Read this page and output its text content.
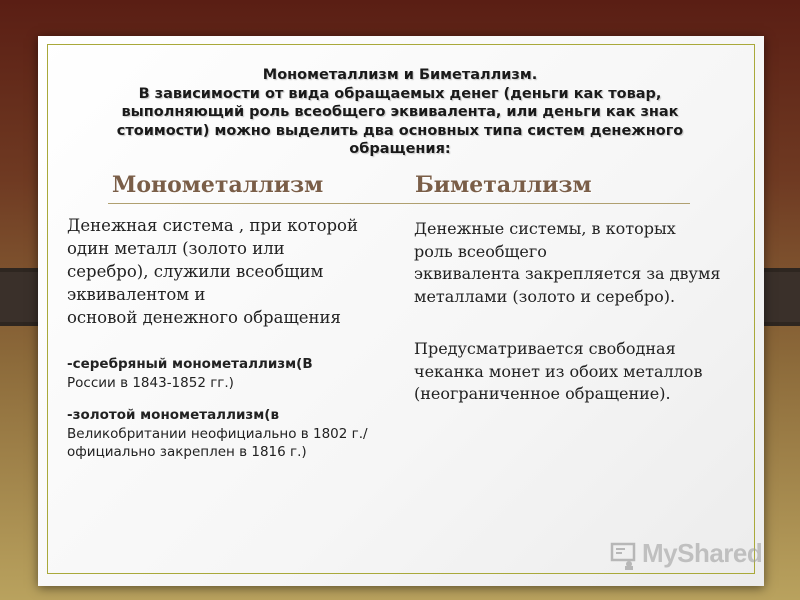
Монометаллизм и Биметаллизм.
В зависимости от вида обращаемых денег (деньги как товар, выполняющий роль всеобщего эквивалента, или деньги как знак стоимости) можно выделить два основных типа систем денежного обращения:
Монометаллизм	Биметаллизм
Денежная система , при которой
один металл (золото или
серебро), служили всеобщим
эквивалентом и
основой денежного обращения
-серебряный монометаллизм(В
России в 1843-1852 гг.)
-золотой монометаллизм(в
Великобритании неофициально в 1802 г./официально закреплен в 1816 г.)
Денежные системы, в которых
роль всеобщего
эквивалента закрепляется за двумя
металлами (золото и серебро).
Предусматривается свободная
чеканка монет из обоих металлов
(неограниченное обращение).
MyShared
